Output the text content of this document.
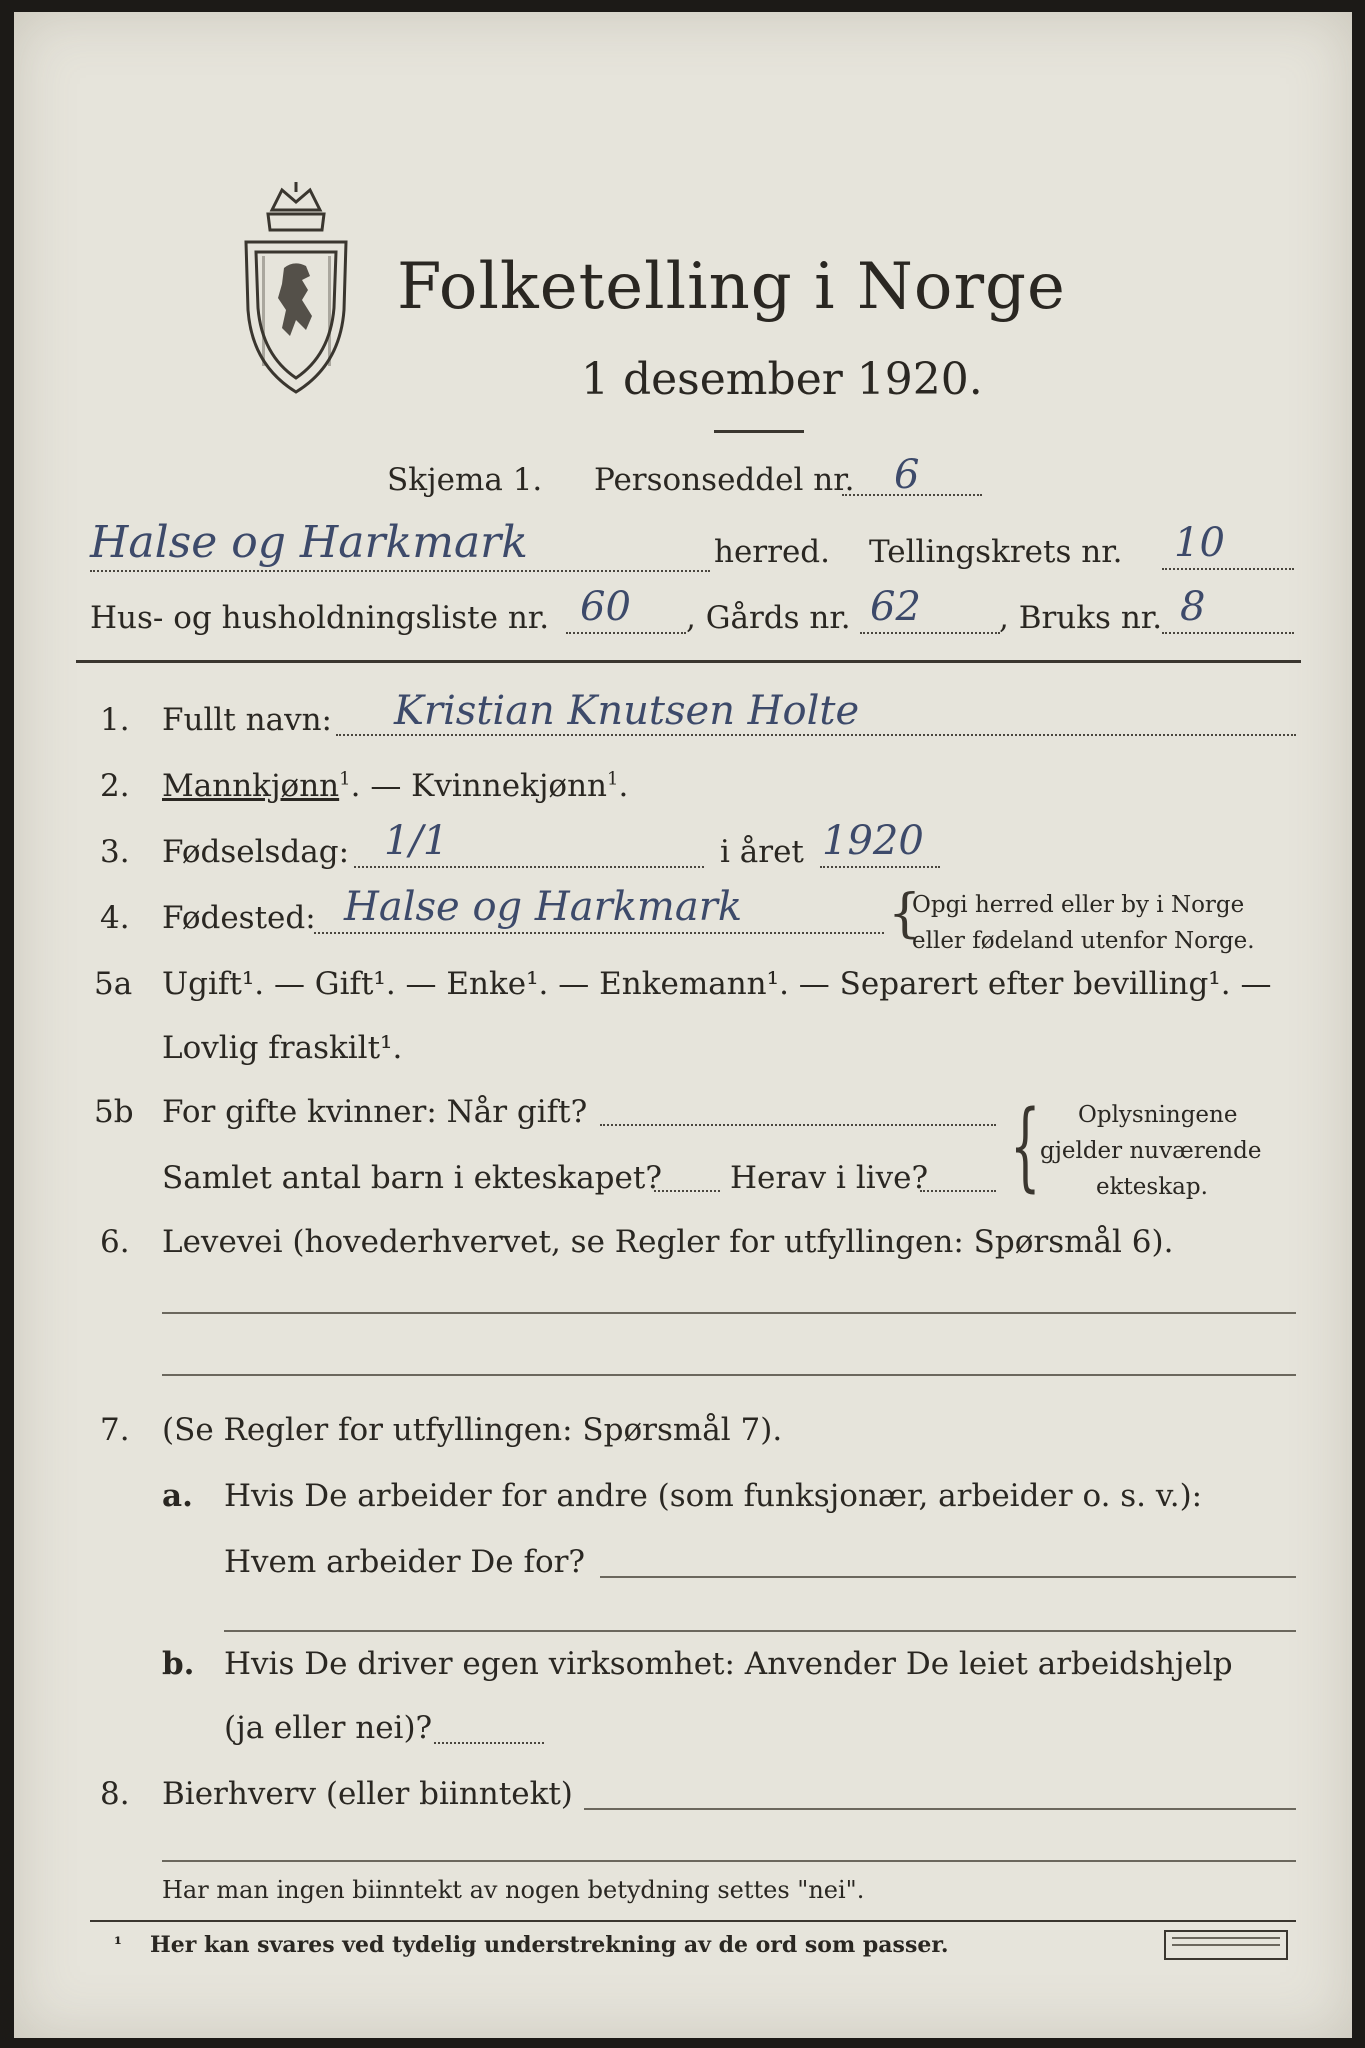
Folketelling i Norge
1 desember 1920.
Skjema 1. Personseddel nr. 6
Halse og Harkmark	herred. Tellingskrets nr. 10
Hus- og husholdningsliste nr. 60 , Gårds nr. 62	, Bruks nr. 8
1. Fullt navn: Kristian Knutsen Holte
2. Mannkjønn$^1$. — Kvinnekjønn$^1$.
3. Fødselsdag: 1/1	i året 1920
4. Fødested: Halse og Harkmark	{
Opgi herred eller by i Norge
eller fødeland utenfor Norge.
5a Ugift¹. — Gift¹. — Enke¹. — Enkemann¹. — Separert efter bevilling¹. —
Lovlig fraskilt¹.
5b For gifte kvinner: Når gift?
Samlet antal barn i ekteskapet? Herav i live? { Oplysningene
gjelder nuværende
ekteskap.
6. Levevei (hovederhvervet, se Regler for utfyllingen: Spørsmål 6).
7. (Se Regler for utfyllingen: Spørsmål 7).
a. Hvis De arbeider for andre (som funksjonær, arbeider o. s. v.):
Hvem arbeider De for?
b. Hvis De driver egen virksomhet: Anvender De leiet arbeidshjelp
(ja eller nei)?
8. Bierhverv (eller biinntekt)
Har man ingen biinntekt av nogen betydning settes "nei".
¹ Her kan svares ved tydelig understrekning av de ord som passer.
